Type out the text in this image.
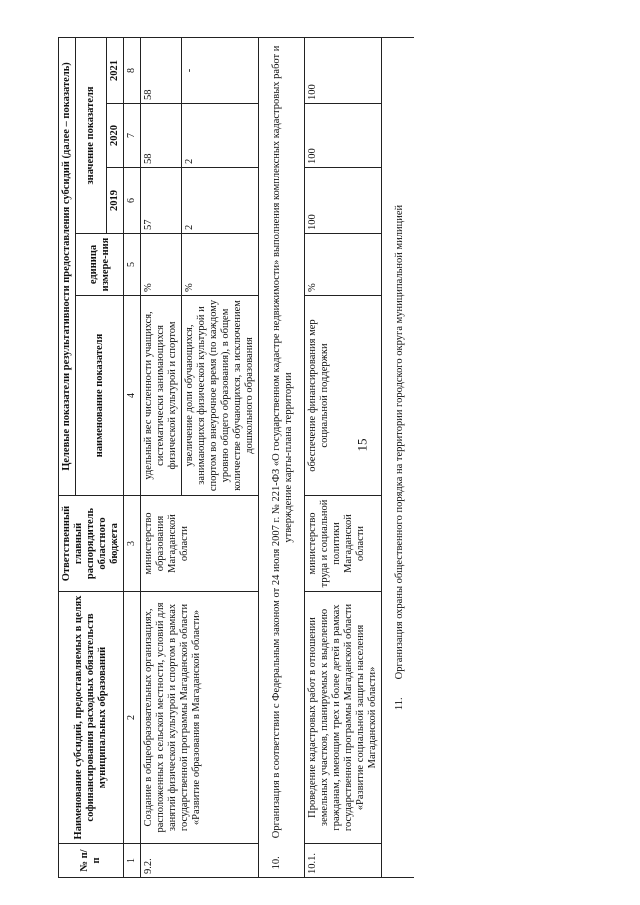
15
№ п/п	Наименование субсидий, предоставляемых в целях софинансирования расходных обязательств муниципальных образований	Ответственный главный распорядитель областного бюджета	Целевые показатели результативности предоставления субсидий (далее – показатель)				
			наименование показателя	единица измере-ния	значение показателя		
					2019	2020	2021
1	2	3	4	5	6	7	8
9.2.	Создание в общеобразовательных организациях, расположенных в сельской местности, условий для занятий физической культурой и спортом в рамках государственной программы Магаданской области «Развитие образования в Магаданской области»	министерство образования Магаданской области	удельный вес численности учащихся, систематически занимающихся физической культурой и спортом	%	57	58	58
			увеличение доли обучающихся, занимающихся физической культурой и спортом во внеурочное время (по каждому уровню общего образования), в общем количестве обучающихся, за исключением дошкольного образования	%	2	2	-
10.Организация в соответствии с Федеральным законом от 24 июля 2007 г. № 221-ФЗ «О государственном кадастре недвижимости» выполнения комплексных кадастровых работ и утверждение карты-плана территории							
10.1.	Проведение кадастровых работ в отношении земельных участков, планируемых к выделению гражданам, имеющим трех и более детей в рамках государственной программы Магаданской области «Развитие социальной защиты населения Магаданской области»	министерство труда и социальной политики Магаданской области	обеспечение финансирования мер социальной поддержки	%	100	100	100
11.Организация охраны общественного порядка на территории городского округа муниципальной милицией							
